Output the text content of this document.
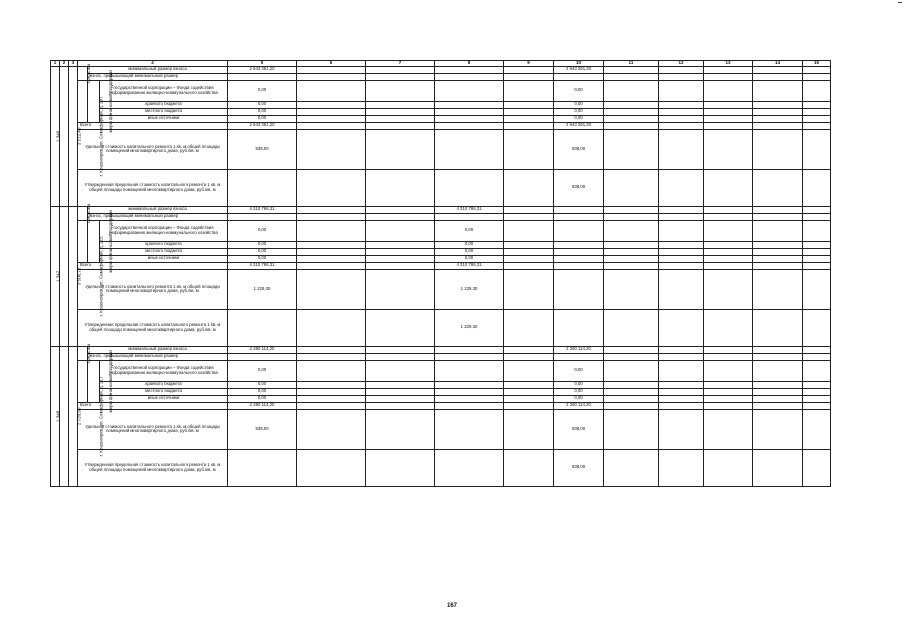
1	2	3	4			5	6	7	8	9	10	11	12	13	14	15
1.346	г. Красноярск, ул. Семафорная, д. 207	3 512,40	средства	минимальный размер взноса		2 943 391,20					2 943 391,20					
				взнос, превышающий минимальный размер												
			меры финансовой поддержки		государственной корпорации – Фонда содействия реформированию жилищно-коммунального хозяйства	0,00					0,00					
					краевого бюджета	0,00					0,00					
					местного бюджета	0,00					0,00					
					иные источники	0,00					0,00					
			Всего			2 943 391,20					2 943 391,20					
			Удельная стоимость капитального ремонта 1 кв. м общей площади помещений многоквартирного дома, руб./кв. м			838,00					838,00					
			Утвержденная предельная стоимость капитального ремонта 1 кв. м общей площади помещений многоквартирного дома, руб./кв. м								838,00					
1.347	г. Красноярск, ул. Семафорная, д. 215	3 506,78	средства	минимальный размер взноса		4 310 786,31			4 310 786,31							
				взнос, превышающий минимальный размер												
			меры финансовой поддержки		государственной корпорации – Фонда содействия реформированию жилищно-коммунального хозяйства	0,00			0,00							
					краевого бюджета	0,00			0,00							
					местного бюджета	0,00			0,00							
					иные источники	0,00			0,00							
			Всего			4 310 786,31			4 310 786,31							
			Удельная стоимость капитального ремонта 1 кв. м общей площади помещений многоквартирного дома, руб./кв. м			1 229,30			1 229,30							
			Утвержденная предельная стоимость капитального ремонта 1 кв. м общей площади помещений многоквартирного дома, руб./кв. м						1 229,30							
1.348	г. Красноярск, ул. Семафорная, д. 217	2 720,90	средства	минимальный размер взноса		2 280 114,20					2 280 114,20					
				взнос, превышающий минимальный размер												
			меры финансовой поддержки		государственной корпорации – Фонда содействия реформированию жилищно-коммунального хозяйства	0,00					0,00					
					краевого бюджета	0,00					0,00					
					местного бюджета	0,00					0,00					
					иные источники	0,00					0,00					
			Всего			2 280 114,20					2 280 114,20					
			Удельная стоимость капитального ремонта 1 кв. м общей площади помещений многоквартирного дома, руб./кв. м			838,00					838,00					
			Утвержденная предельная стоимость капитального ремонта 1 кв. м общей площади помещений многоквартирного дома, руб./кв. м								838,00					
167
